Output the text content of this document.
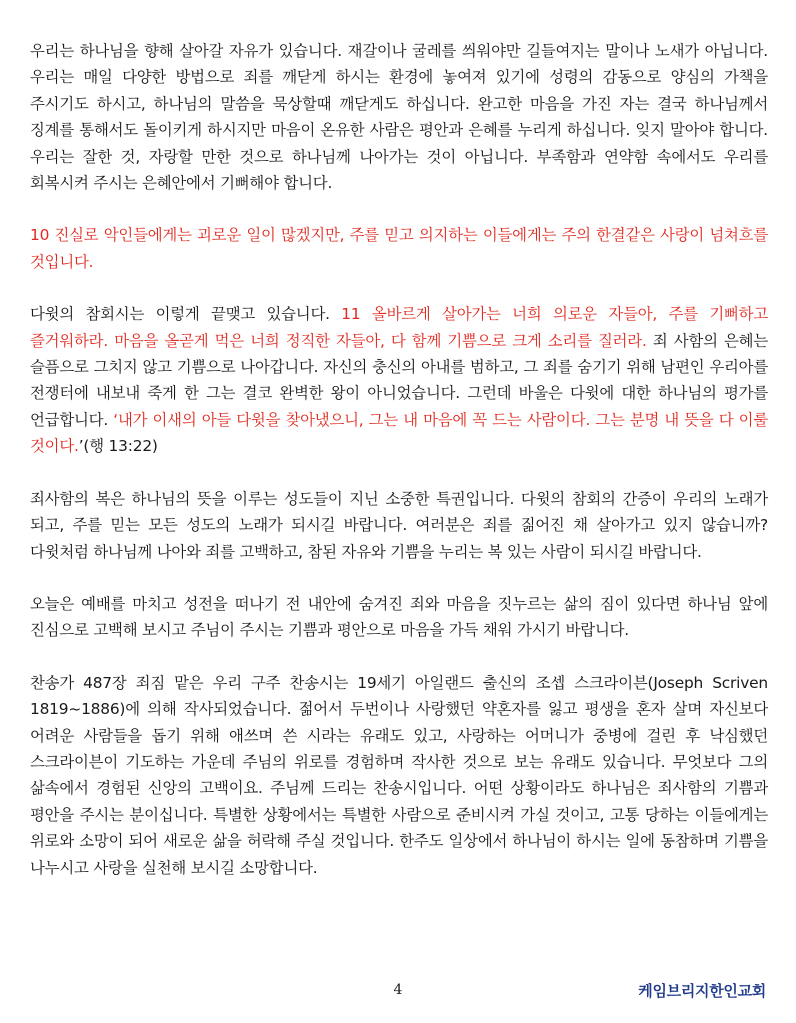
우리는 하나님을 향해 살아갈 자유가 있습니다. 재갈이나 굴레를 씌워야만 길들여지는 말이나 노새가 아닙니다. 우리는 매일 다양한 방법으로 죄를 깨닫게 하시는 환경에 놓여져 있기에 성령의 감동으로 양심의 가책을 주시기도 하시고, 하나님의 말씀을 묵상할때 깨닫게도 하십니다. 완고한 마음을 가진 자는 결국 하나님께서 징계를 통해서도 돌이키게 하시지만 마음이 온유한 사람은 평안과 은혜를 누리게 하십니다. 잊지 말아야 합니다. 우리는 잘한 것, 자랑할 만한 것으로 하나님께 나아가는 것이 아닙니다. 부족함과 연약함 속에서도 우리를 회복시켜 주시는 은혜안에서 기뻐해야 합니다.

10 진실로 악인들에게는 괴로운 일이 많겠지만, 주를 믿고 의지하는 이들에게는 주의 한결같은 사랑이 넘쳐흐를 것입니다.

다윗의 참회시는 이렇게 끝맺고 있습니다. 11 올바르게 살아가는 너희 의로운 자들아, 주를 기뻐하고 즐거워하라. 마음을 올곧게 먹은 너희 정직한 자들아, 다 함께 기쁨으로 크게 소리를 질러라. 죄 사함의 은혜는 슬픔으로 그치지 않고 기쁨으로 나아갑니다. 자신의 충신의 아내를 범하고, 그 죄를 숨기기 위해 남편인 우리아를 전쟁터에 내보내 죽게 한 그는 결코 완벽한 왕이 아니었습니다. 그런데 바울은 다윗에 대한 하나님의 평가를 언급합니다. ‘내가 이새의 아들 다윗을 찾아냈으니, 그는 내 마음에 꼭 드는 사람이다. 그는 분명 내 뜻을 다 이룰 것이다.’(행 13:22)

죄사함의 복은 하나님의 뜻을 이루는 성도들이 지닌 소중한 특권입니다. 다윗의 참회의 간증이 우리의 노래가 되고, 주를 믿는 모든 성도의 노래가 되시길 바랍니다. 여러분은 죄를 짊어진 채 살아가고 있지 않습니까? 다윗처럼 하나님께 나아와 죄를 고백하고, 참된 자유와 기쁨을 누리는 복 있는 사람이 되시길 바랍니다.

오늘은 예배를 마치고 성전을 떠나기 전 내안에 숨겨진 죄와 마음을 짓누르는 삶의 짐이 있다면 하나님 앞에 진심으로 고백해 보시고 주님이 주시는 기쁨과 평안으로 마음을 가득 채워 가시기 바랍니다.

찬송가 487장 죄짐 맡은 우리 구주 찬송시는 19세기 아일랜드 출신의 조셉 스크라이븐(Joseph Scriven 1819~1886)에 의해 작사되었습니다. 젊어서 두번이나 사랑했던 약혼자를 잃고 평생을 혼자 살며 자신보다 어려운 사람들을 돕기 위해 애쓰며 쓴 시라는 유래도 있고, 사랑하는 어머니가 중병에 걸린 후 낙심했던 스크라이븐이 기도하는 가운데 주님의 위로를 경험하며 작사한 것으로 보는 유래도 있습니다. 무엇보다 그의 삶속에서 경험된 신앙의 고백이요. 주님께 드리는 찬송시입니다. 어떤 상황이라도 하나님은 죄사함의 기쁨과 평안을 주시는 분이십니다. 특별한 상황에서는 특별한 사람으로 준비시켜 가실 것이고, 고통 당하는 이들에게는 위로와 소망이 되어 새로운 삶을 허락해 주실 것입니다. 한주도 일상에서 하나님이 하시는 일에 동참하며 기쁨을 나누시고 사랑을 실천해 보시길 소망합니다.

4	케임브리지한인교회
